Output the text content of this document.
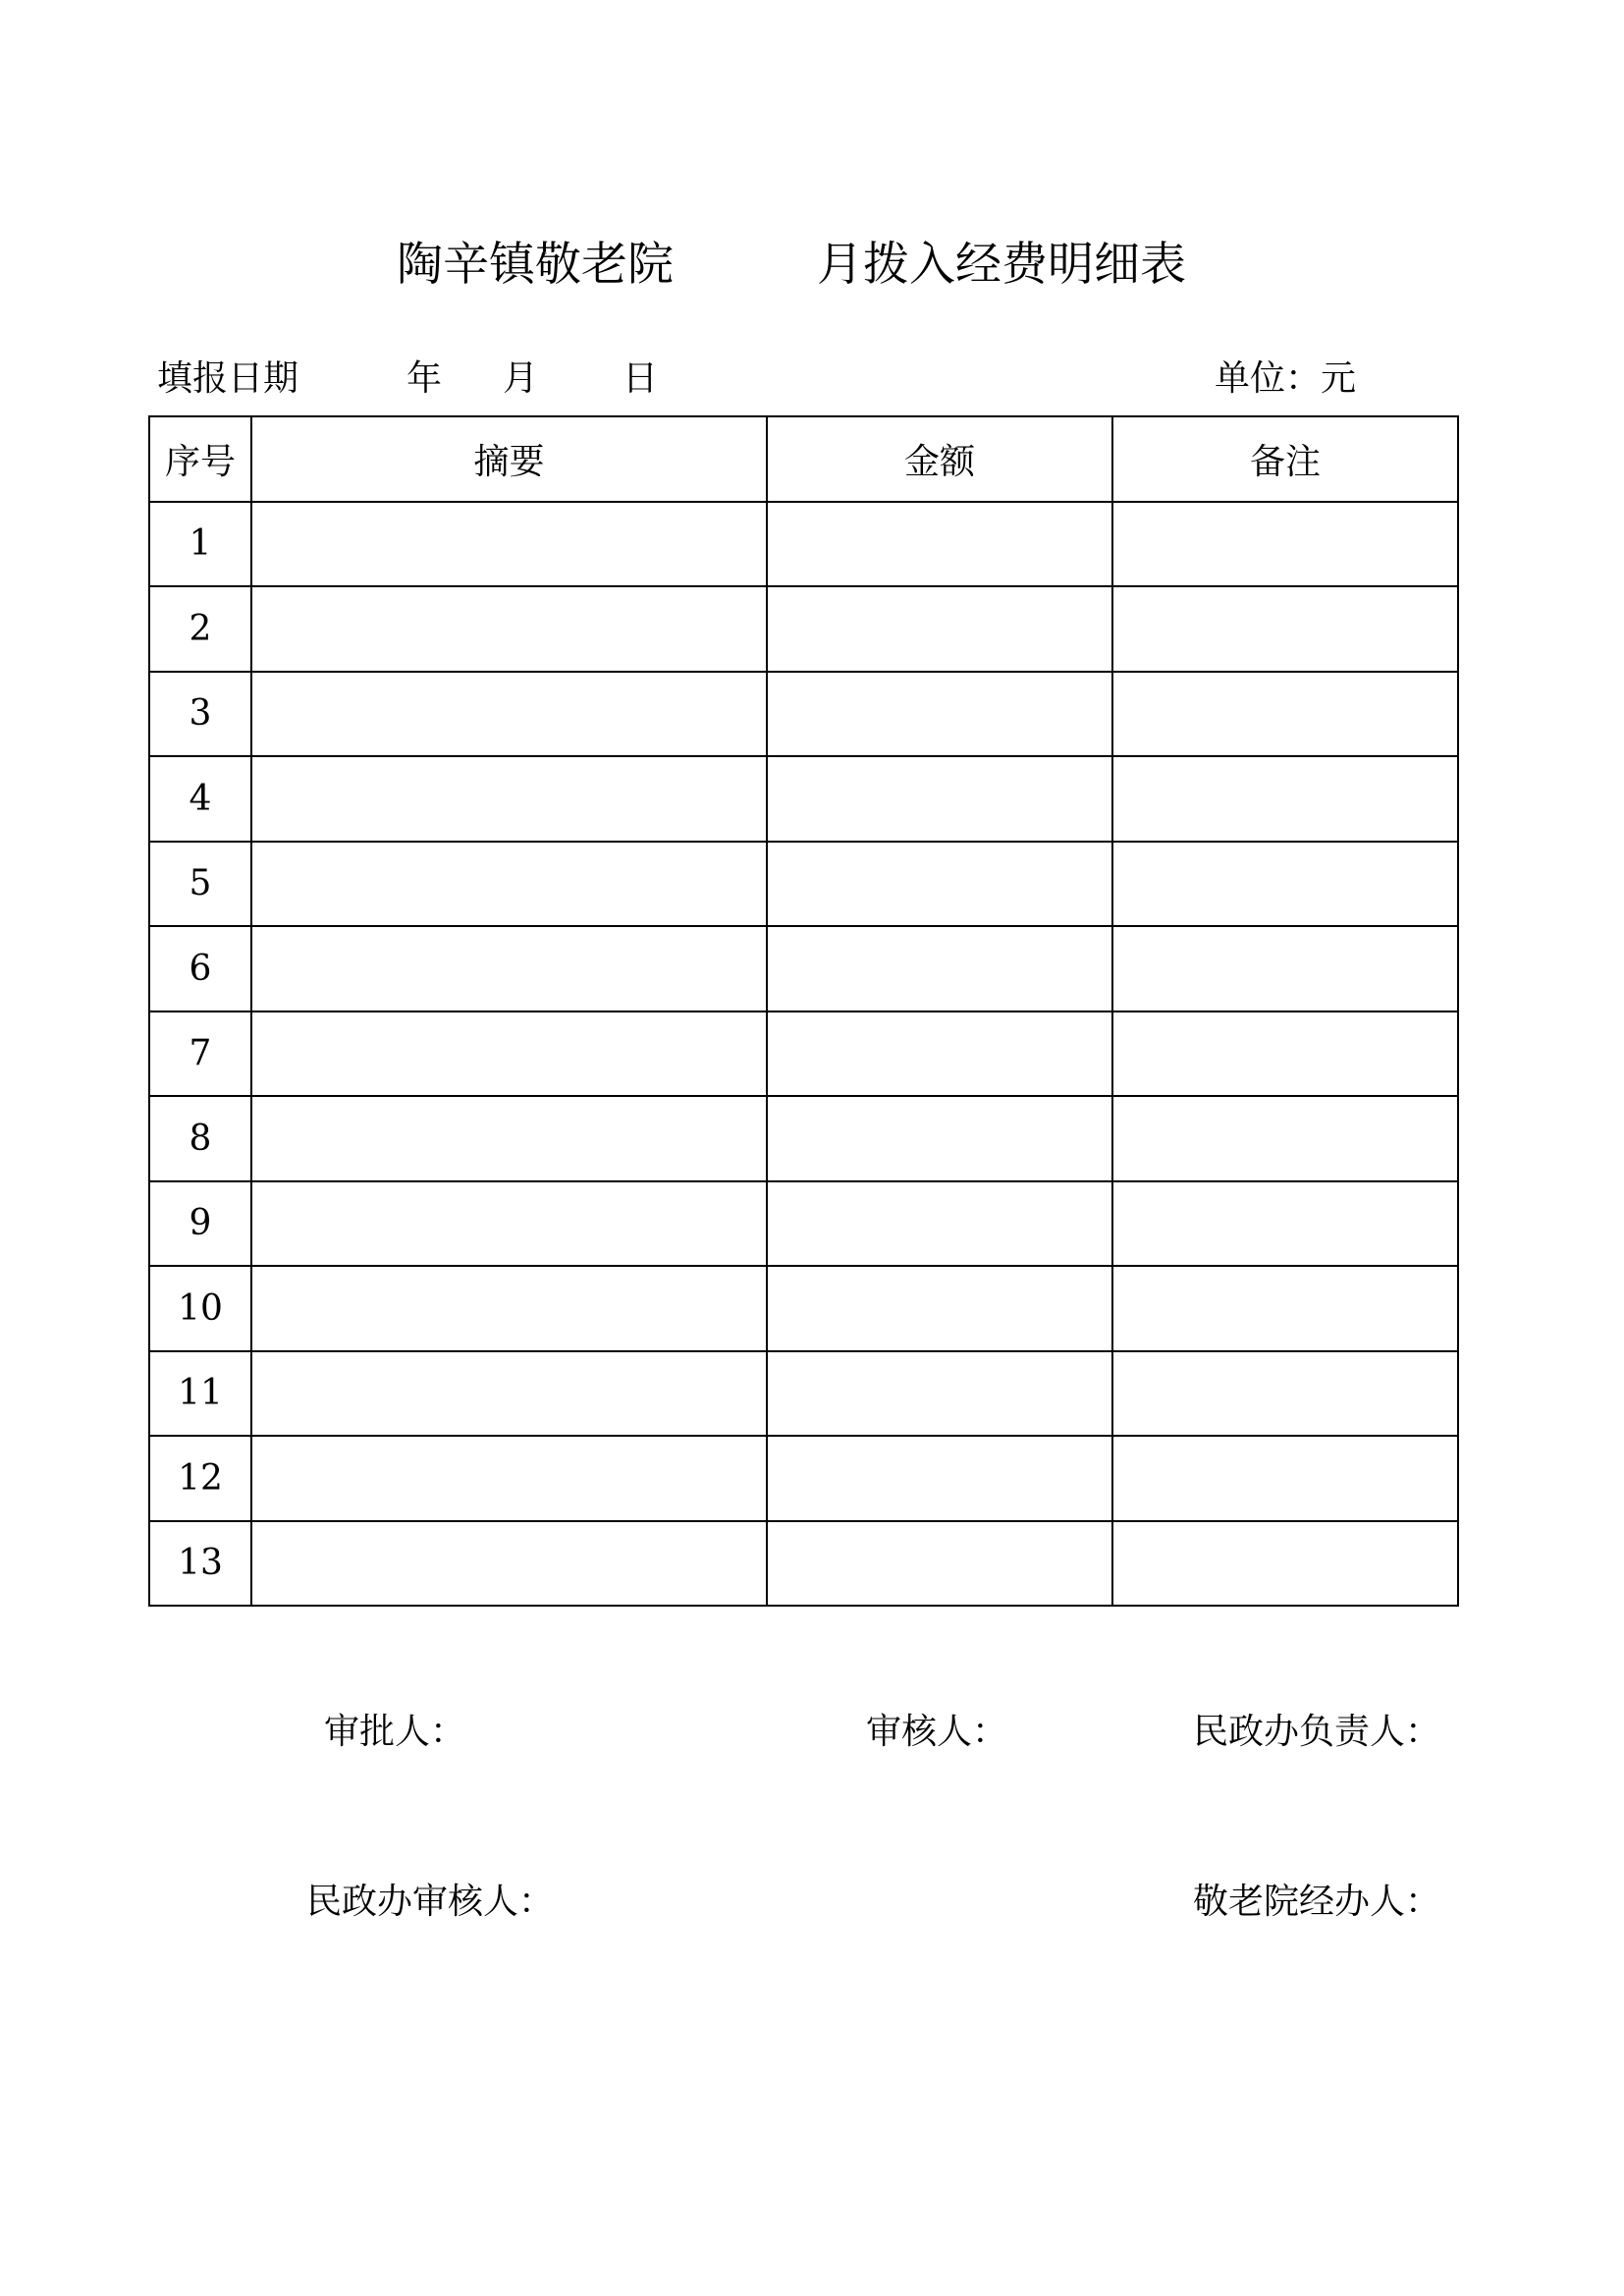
陶辛镇敬老院	月拨入经费明细表
填报日期	年 月 日	单位：元
序号	摘要	金额	备注
1			
2			
3			
4			
5			
6			
7			
8			
9			
10			
11			
12			
13			
审批人：	审核人：	民政办负责人：
民政办审核人：	敬老院经办人：
